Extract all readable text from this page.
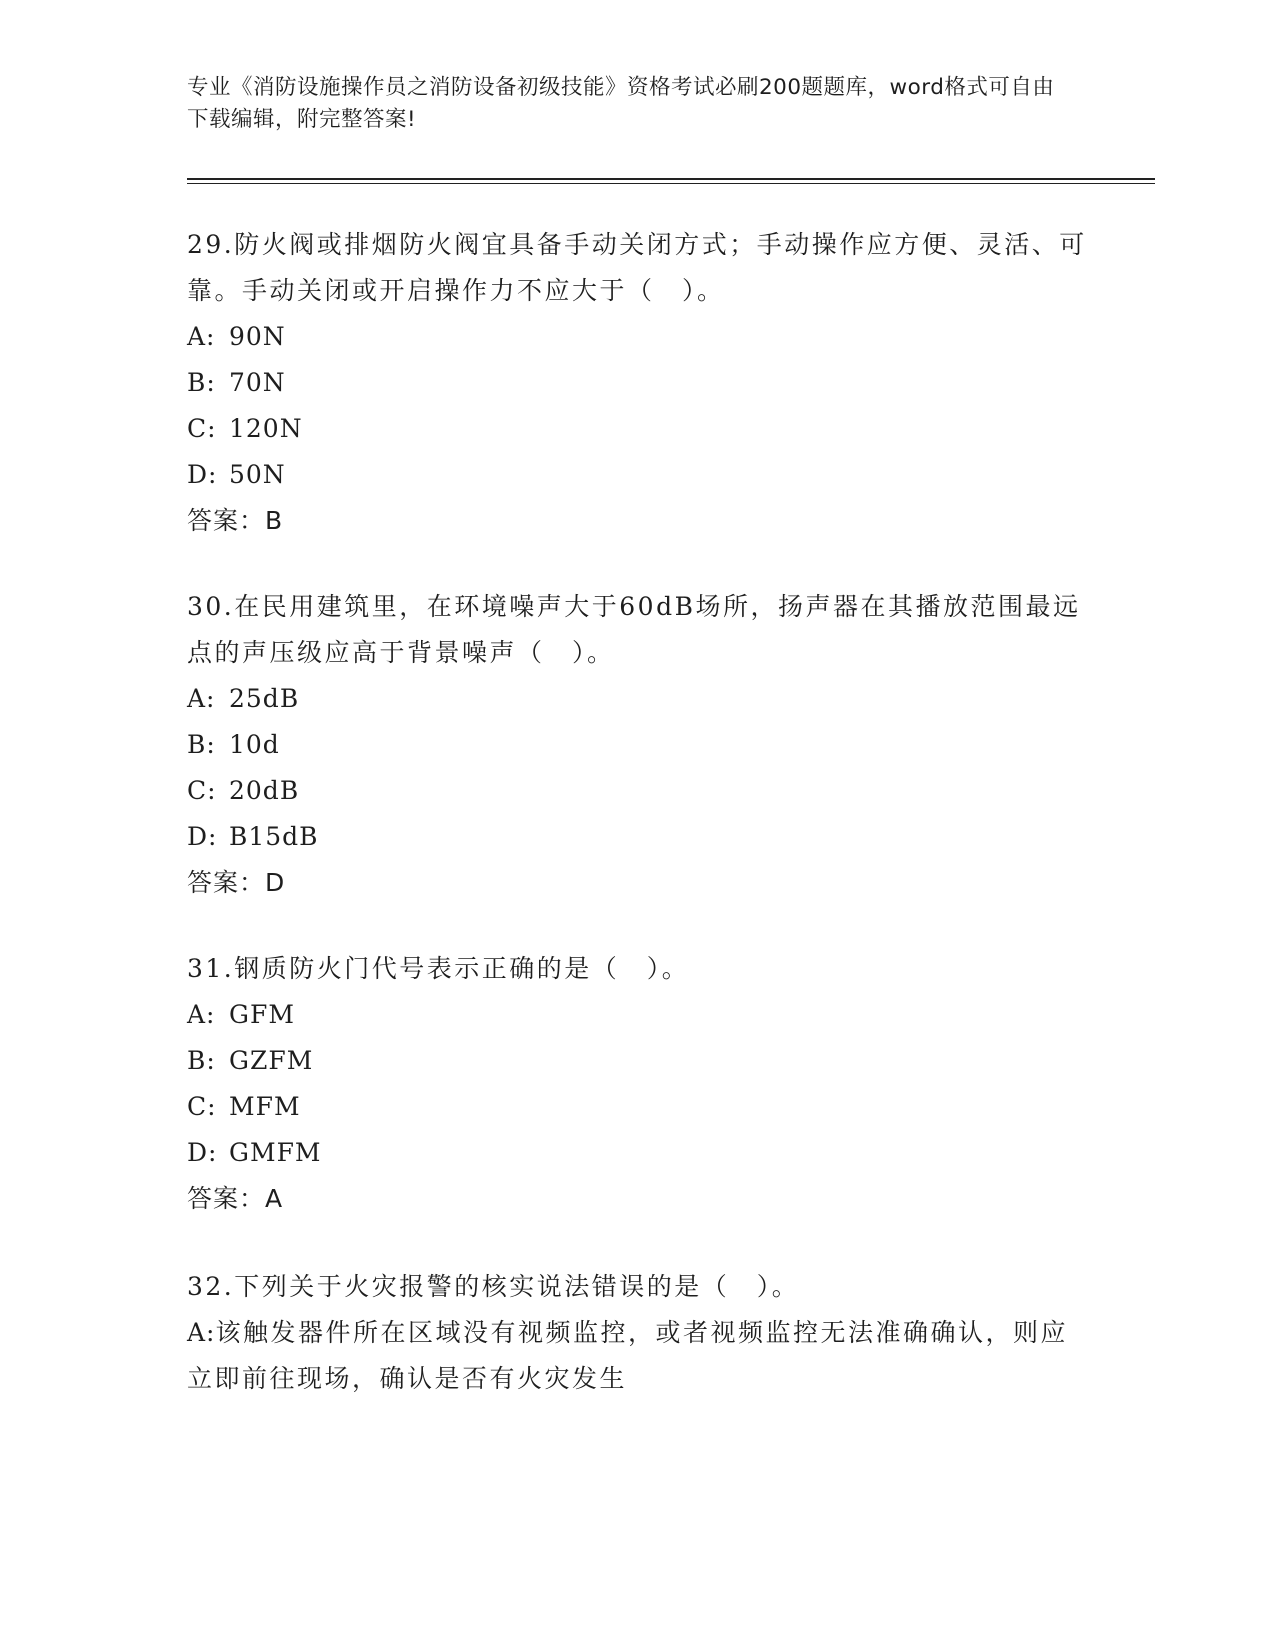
专业《消防设施操作员之消防设备初级技能》资格考试必刷200题题库，word格式可自由下载编辑，附完整答案!

29.防火阀或排烟防火阀宜具备手动关闭方式；手动操作应方便、灵活、可靠。手动关闭或开启操作力不应大于（　）。

A: 90N

B: 70N

C: 120N

D: 50N

答案：B

30.在民用建筑里，在环境噪声大于60dB场所，扬声器在其播放范围最远点的声压级应高于背景噪声（　）。

A: 25dB

B: 10d

C: 20dB

D: B15dB

答案：D

31.钢质防火门代号表示正确的是（　）。

A: GFM

B: GZFM

C: MFM

D: GMFM

答案：A

32.下列关于火灾报警的核实说法错误的是（　）。

A:该触发器件所在区域没有视频监控，或者视频监控无法准确确认，则应立即前往现场，确认是否有火灾发生
